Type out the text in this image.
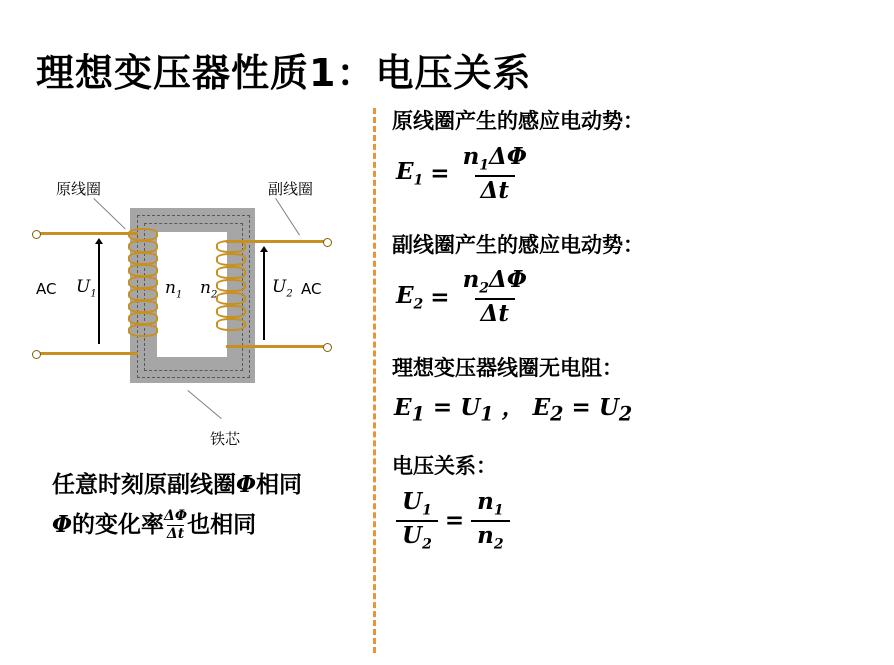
理想变压器性质1：电压关系
原线圈	副线圈
铁芯
AC	AC
$U_1$	$U_2$
$n_1$ $n_2$
任意时刻原副线圈Φ相同
Φ的变化率 $\frac{\Delta\Phi}{\Delta t}$ 也相同
原线圈产生的感应电动势：
$E_1 = \frac{n_1\Delta\Phi}{\Delta t}$
副线圈产生的感应电动势：
$E_2 = \frac{n_2\Delta\Phi}{\Delta t}$
理想变压器线圈无电阻：
$E_1 = U_1$ ， $E_2 = U_2$
电压关系：
$\frac{U_1}{U_2} = \frac{n_1}{n_2}$
